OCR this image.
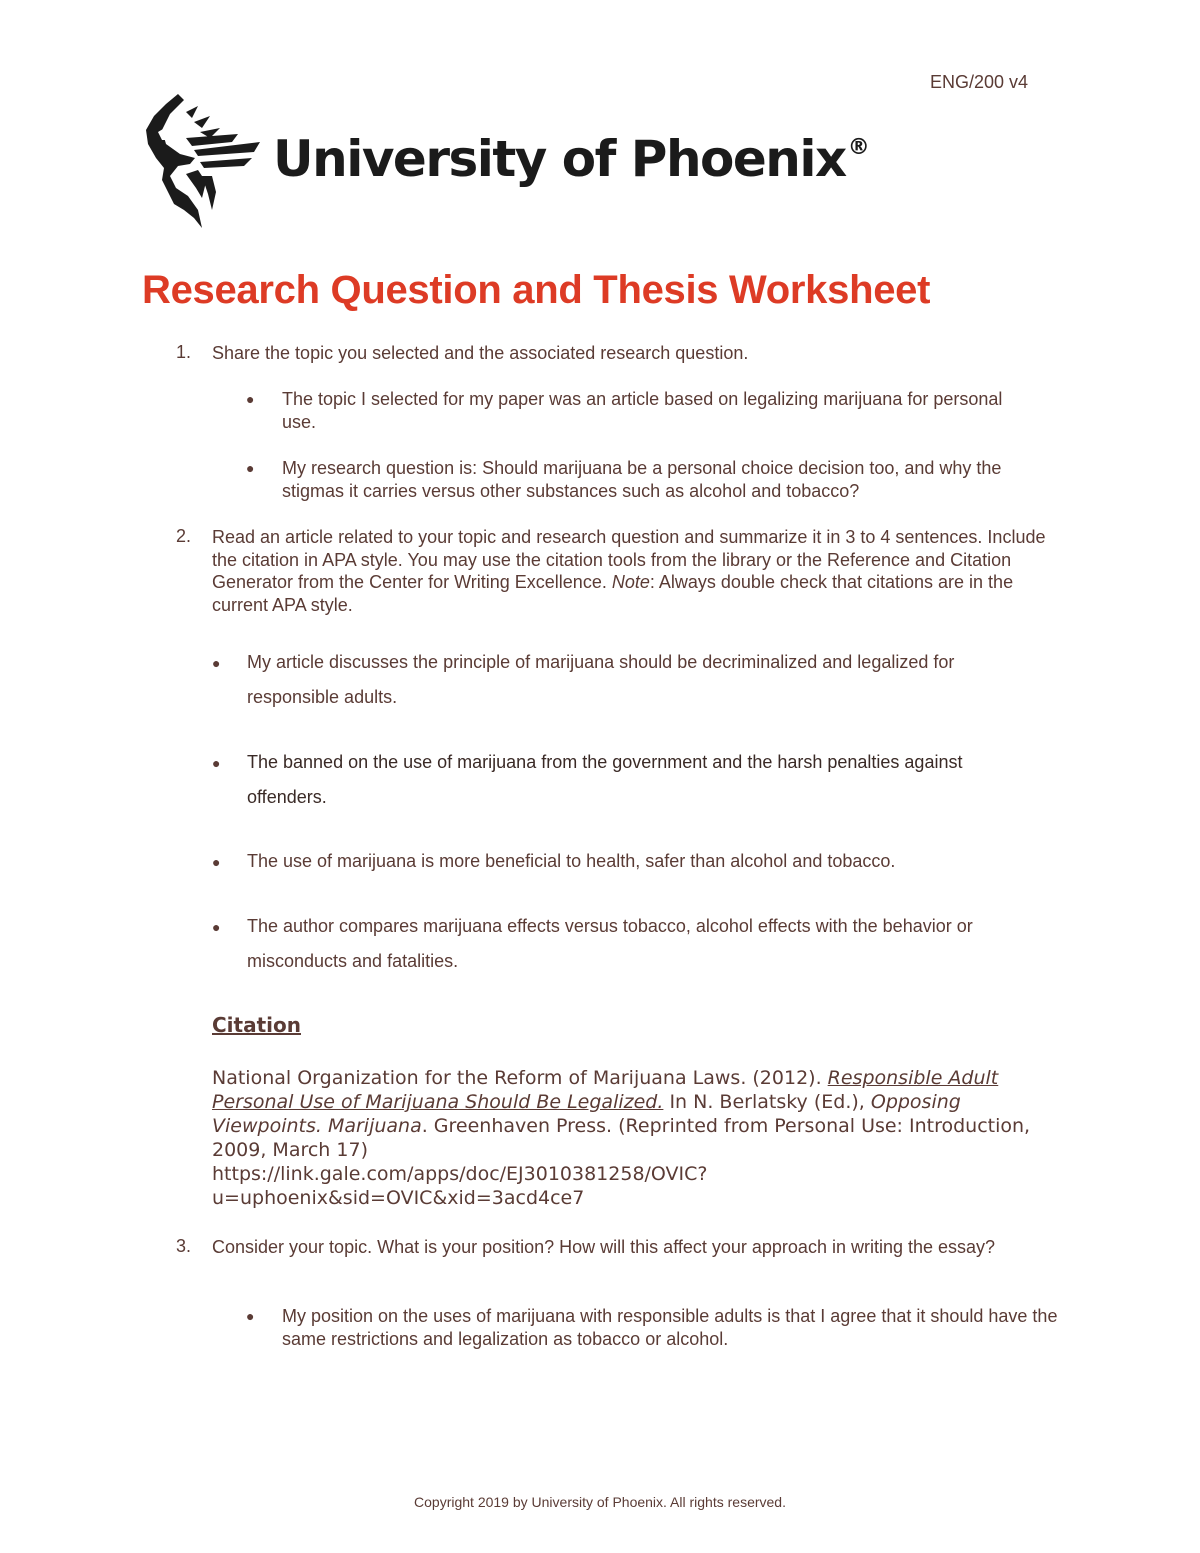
ENG/200 v4
University of Phoenix®
Research Question and Thesis Worksheet
1. Share the topic you selected and the associated research question.
● The topic I selected for my paper was an article based on legalizing marijuana for personal use.
● My research question is: Should marijuana be a personal choice decision too, and why the stigmas it carries versus other substances such as alcohol and tobacco?
2. Read an article related to your topic and research question and summarize it in 3 to 4 sentences. Include the citation in APA style. You may use the citation tools from the library or the Reference and Citation Generator from the Center for Writing Excellence. Note: Always double check that citations are in the current APA style.
● My article discusses the principle of marijuana should be decriminalized and legalized for responsible adults.
● The banned on the use of marijuana from the government and the harsh penalties against offenders.
● The use of marijuana is more beneficial to health, safer than alcohol and tobacco.
● The author compares marijuana effects versus tobacco, alcohol effects with the behavior or misconducts and fatalities.
Citation
National Organization for the Reform of Marijuana Laws. (2012). Responsible Adult Personal Use of Marijuana Should Be Legalized. In N. Berlatsky (Ed.), Opposing Viewpoints. Marijuana. Greenhaven Press. (Reprinted from Personal Use: Introduction, 2009, March 17)
https://link.gale.com/apps/doc/EJ3010381258/OVIC?
u=uphoenix&sid=OVIC&xid=3acd4ce7
3. Consider your topic. What is your position? How will this affect your approach in writing the essay?
● My position on the uses of marijuana with responsible adults is that I agree that it should have the same restrictions and legalization as tobacco or alcohol.
Copyright 2019 by University of Phoenix. All rights reserved.
